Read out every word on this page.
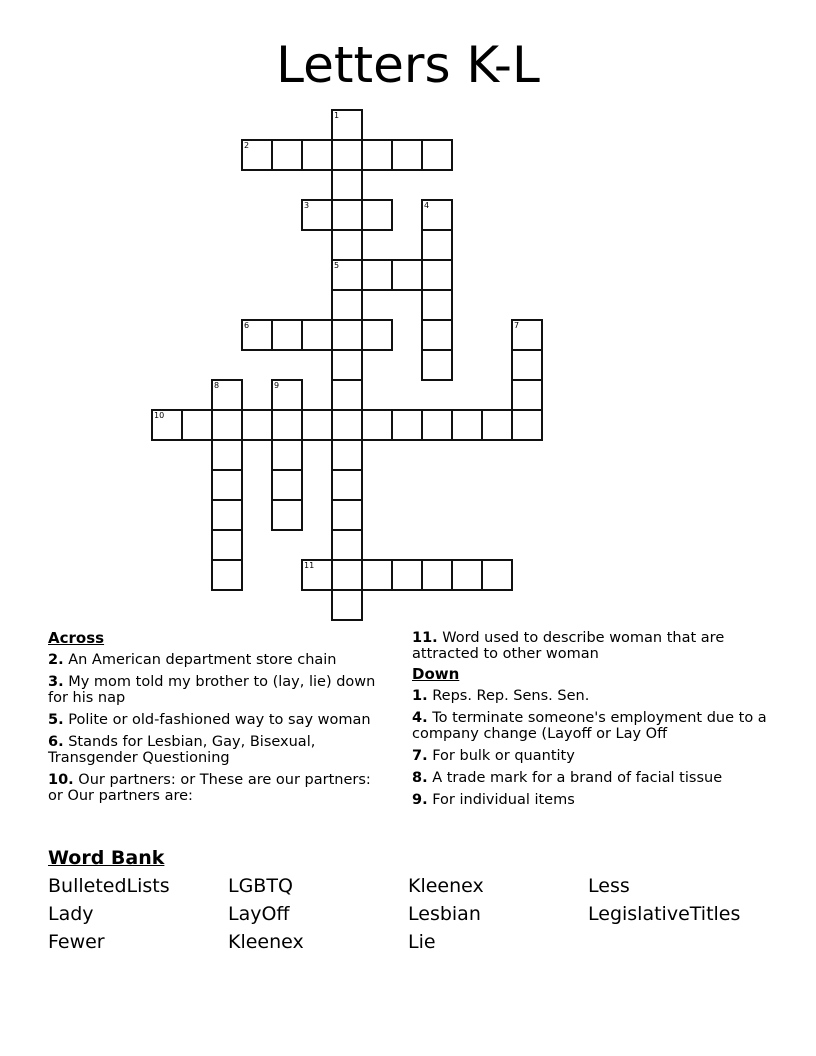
Letters K-L
1
5
2
3	4
6	7
8	9
10
11
Across
2. An American department store chain
3. My mom told my brother to (lay, lie) down for his nap
5. Polite or old-fashioned way to say woman
6. Stands for Lesbian, Gay, Bisexual, Transgender Questioning
10. Our partners: or These are our partners: or Our partners are:
11. Word used to describe woman that are attracted to other woman
Down
1. Reps. Rep. Sens. Sen.
4. To terminate someone's employment due to a company change (Layoff or Lay Off
7. For bulk or quantity
8. A trade mark for a brand of facial tissue
9. For individual items
Word Bank
BulletedLists	LGBTQ	Kleenex	Less
Lady	LayOff	Lesbian	LegislativeTitles
Fewer	Kleenex	Lie
